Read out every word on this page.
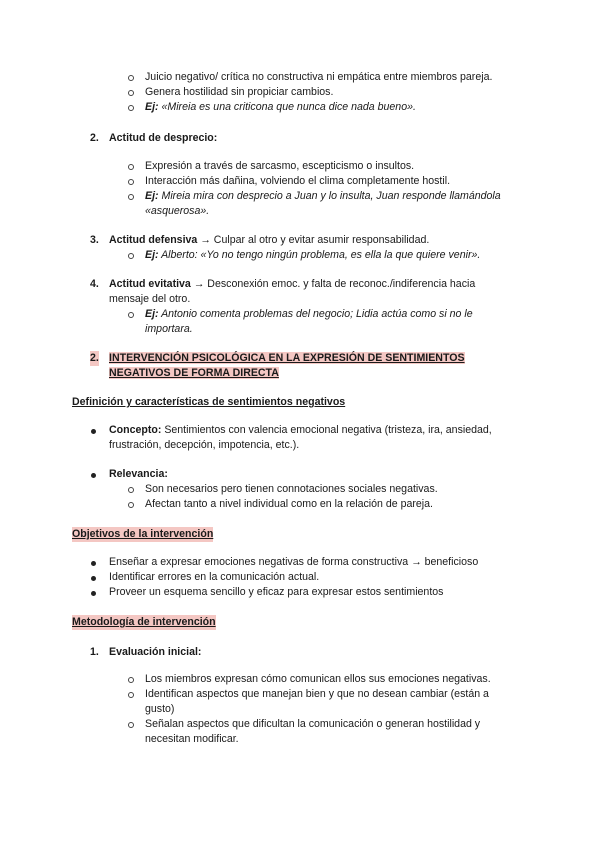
Juicio negativo/ crítica no constructiva ni empática entre miembros pareja.
Genera hostilidad sin propiciar cambios.
Ej: «Mireia es una criticona que nunca dice nada bueno».
2. Actitud de desprecio:
Expresión a través de sarcasmo, escepticismo o insultos.
Interacción más dañina, volviendo el clima completamente hostil.
Ej: Mireia mira con desprecio a Juan y lo insulta, Juan responde llamándola
«asquerosa».
3. Actitud defensiva → Culpar al otro y evitar asumir responsabilidad.
Ej: Alberto: «Yo no tengo ningún problema, es ella la que quiere venir».
4. Actitud evitativa → Desconexión emoc. y falta de reconoc./indiferencia hacia
mensaje del otro.
Ej: Antonio comenta problemas del negocio; Lidia actúa como si no le
importara.
2. INTERVENCIÓN PSICOLÓGICA EN LA EXPRESIÓN DE SENTIMIENTOS
NEGATIVOS DE FORMA DIRECTA
Definición y características de sentimientos negativos
Concepto: Sentimientos con valencia emocional negativa (tristeza, ira, ansiedad,
frustración, decepción, impotencia, etc.).
Relevancia:
Son necesarios pero tienen connotaciones sociales negativas.
Afectan tanto a nivel individual como en la relación de pareja.
Objetivos de la intervención
Enseñar a expresar emociones negativas de forma constructiva → beneficioso
Identificar errores en la comunicación actual.
Proveer un esquema sencillo y eficaz para expresar estos sentimientos
Metodología de intervención
1. Evaluación inicial:
Los miembros expresan cómo comunican ellos sus emociones negativas.
Identifican aspectos que manejan bien y que no desean cambiar (están a
gusto)
Señalan aspectos que dificultan la comunicación o generan hostilidad y
necesitan modificar.
